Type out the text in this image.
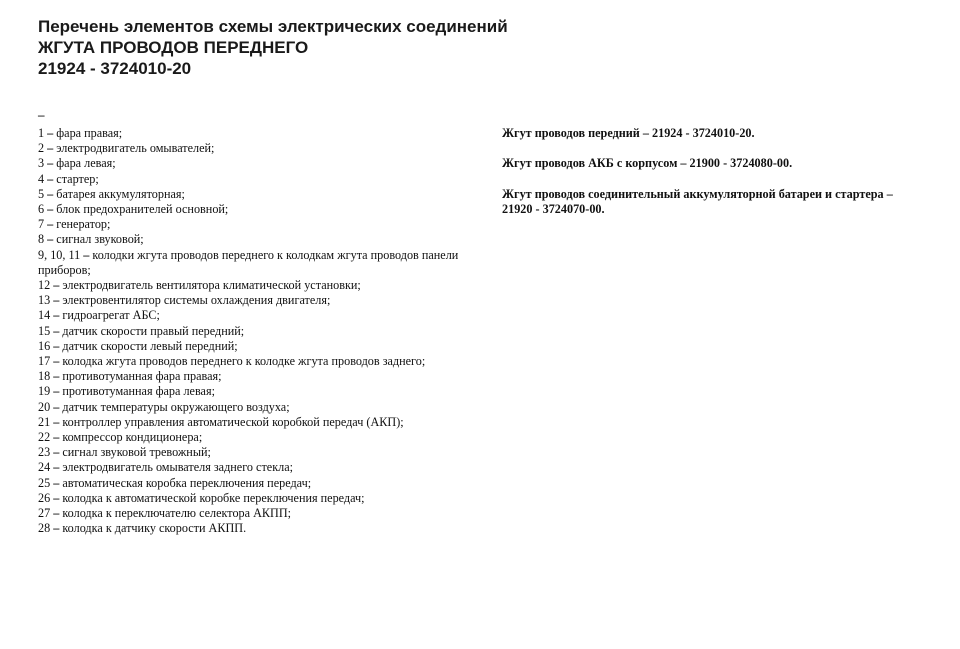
Перечень элементов схемы электрических соединений
ЖГУТА ПРОВОДОВ ПЕРЕДНЕГО
21924 - 3724010-20
–
1 – фара правая;
2 – электродвигатель омывателей;
3 – фара левая;
4 – стартер;
5 – батарея аккумуляторная;
6 – блок предохранителей основной;
7 – генератор;
8 – сигнал звуковой;
9, 10, 11 – колодки жгута проводов переднего к колодкам жгута проводов панели приборов;
12 – электродвигатель вентилятора климатической установки;
13 – электровентилятор системы охлаждения двигателя;
14 – гидроагрегат АБС;
15 – датчик скорости правый передний;
16 – датчик скорости левый передний;
17 – колодка жгута проводов переднего к колодке жгута проводов заднего;
18 – противотуманная фара правая;
19 – противотуманная фара левая;
20 – датчик температуры окружающего воздуха;
21 – контроллер управления автоматической коробкой передач (АКП);
22 – компрессор кондиционера;
23 – сигнал звуковой тревожный;
24 – электродвигатель омывателя заднего стекла;
25 – автоматическая коробка переключения передач;
26 – колодка к автоматической коробке переключения передач;
27 – колодка к переключателю селектора АКПП;
28 – колодка к датчику скорости АКПП.

Жгут проводов передний – 21924 - 3724010-20.

Жгут проводов АКБ с корпусом – 21900 - 3724080-00.

Жгут проводов соединительный аккумуляторной батареи и стартера – 21920 - 3724070-00.
